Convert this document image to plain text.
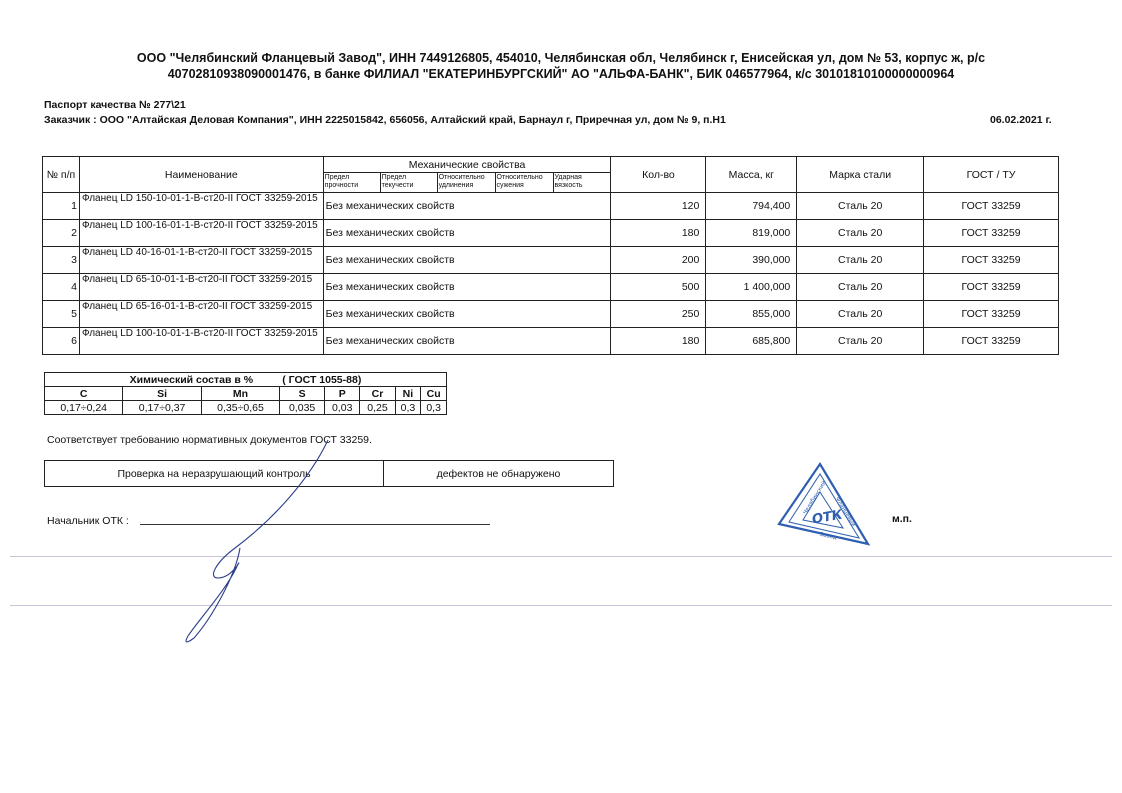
ООО "Челябинский Фланцевый Завод", ИНН 7449126805, 454010, Челябинская обл, Челябинск г, Енисейская ул, дом № 53, корпус ж, р/с
40702810938090001476, в банке ФИЛИАЛ "ЕКАТЕРИНБУРГСКИЙ" АО "АЛЬФА-БАНК", БИК 046577964, к/с 30101810100000000964
Паспорт качества № 277\21
Заказчик : ООО "Алтайская Деловая Компания", ИНН 2225015842, 656056, Алтайский край, Барнаул г, Приречная ул, дом № 9, п.Н1	06.02.2021 г.
№ п/п	Наименование	Механические свойства					Кол-во	Масса, кг	Марка стали	ГОСТ / ТУ
		Предел прочности	Предел текучести	Относительно удлинения	Относительно сужения	Ударная вязкость				
1	Фланец LD 150-10-01-1-В-ст20-II ГОСТ 33259-2015	Без механических свойств					120	794,400	Сталь 20	ГОСТ 33259
2	Фланец LD 100-16-01-1-В-ст20-II ГОСТ 33259-2015	Без механических свойств					180	819,000	Сталь 20	ГОСТ 33259
3	Фланец LD 40-16-01-1-В-ст20-II ГОСТ 33259-2015	Без механических свойств					200	390,000	Сталь 20	ГОСТ 33259
4	Фланец LD 65-10-01-1-В-ст20-II ГОСТ 33259-2015	Без механических свойств					500	1 400,000	Сталь 20	ГОСТ 33259
5	Фланец LD 65-16-01-1-В-ст20-II ГОСТ 33259-2015	Без механических свойств					250	855,000	Сталь 20	ГОСТ 33259
6	Фланец LD 100-10-01-1-В-ст20-II ГОСТ 33259-2015	Без механических свойств					180	685,800	Сталь 20	ГОСТ 33259
Химический состав в %          ( ГОСТ 1055-88)							
C	Si	Mn	S	P	Cr	Ni	Cu
0,17÷0,24	0,17÷0,37	0,35÷0,65	0,035	0,03	0,25	0,3	0,3
Соответствует требованию нормативных документов ГОСТ 33259.
Проверка на неразрушающий контроль	дефектов не обнаружено
Начальник ОТК :	м.п.
ОТК
Челябинский Фланцевый
Завод
